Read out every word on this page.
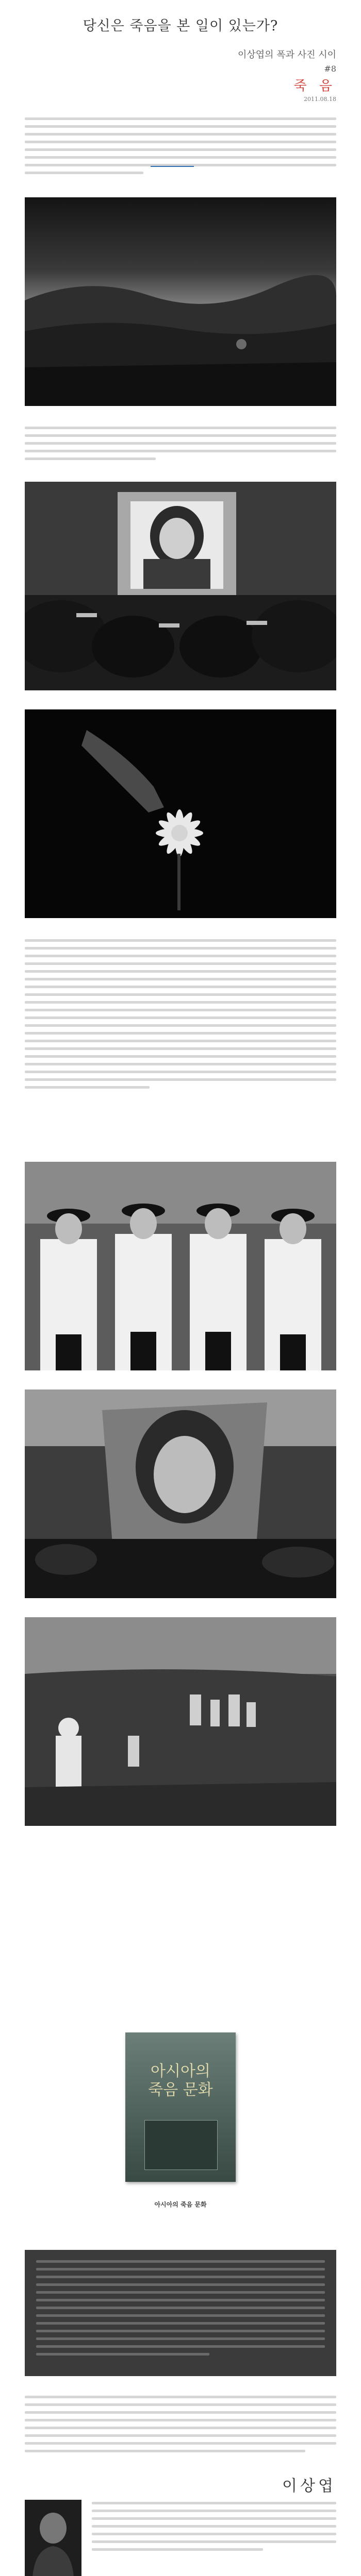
당신은 죽음을 본 일이 있는가?
이상엽의 폭과 사진 시이
#8
죽 음
2011.08.18
아시아의
죽음 문화
아시아의 죽음 문화
이상엽
